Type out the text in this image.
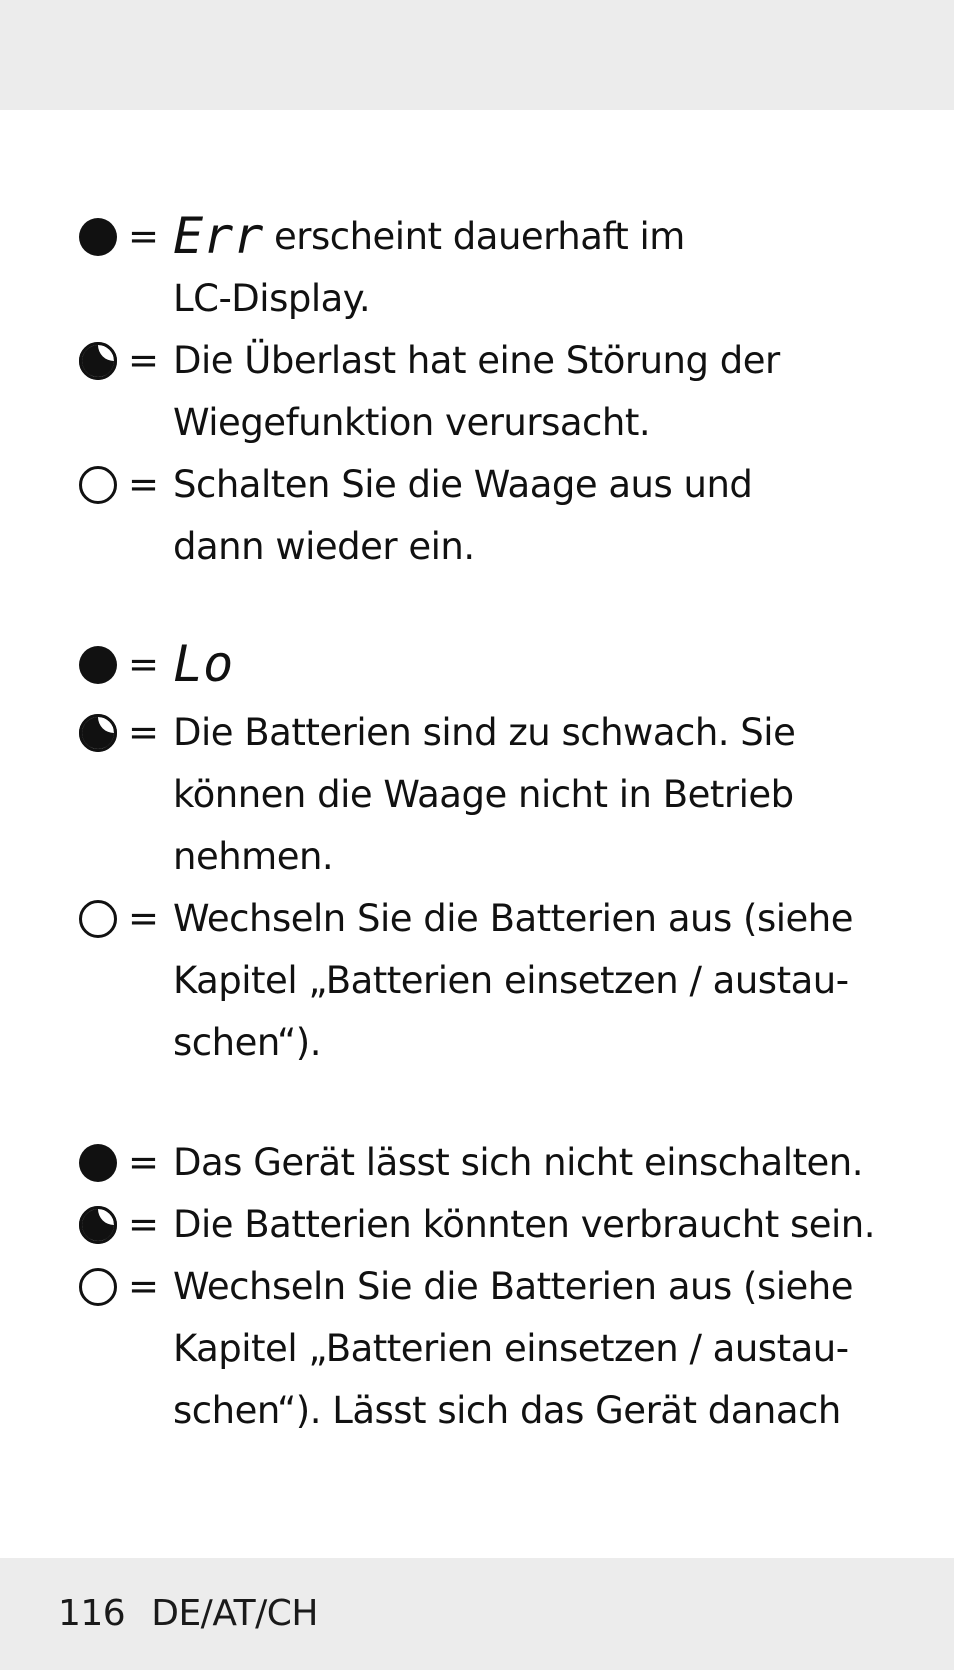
= Err erscheint dauerhaft im
LC-Display.
= Die Überlast hat eine Störung der
Wiegefunktion verursacht.
= Schalten Sie die Waage aus und
dann wieder ein.
= Lo
= Die Batterien sind zu schwach. Sie
können die Waage nicht in Betrieb
nehmen.
= Wechseln Sie die Batterien aus (siehe
Kapitel „Batterien einsetzen / austau-
schen“).
= Das Gerät lässt sich nicht einschalten.
= Die Batterien könnten verbraucht sein.
= Wechseln Sie die Batterien aus (siehe
Kapitel „Batterien einsetzen / austau-
schen“). Lässt sich das Gerät danach
116 DE/AT/CH
